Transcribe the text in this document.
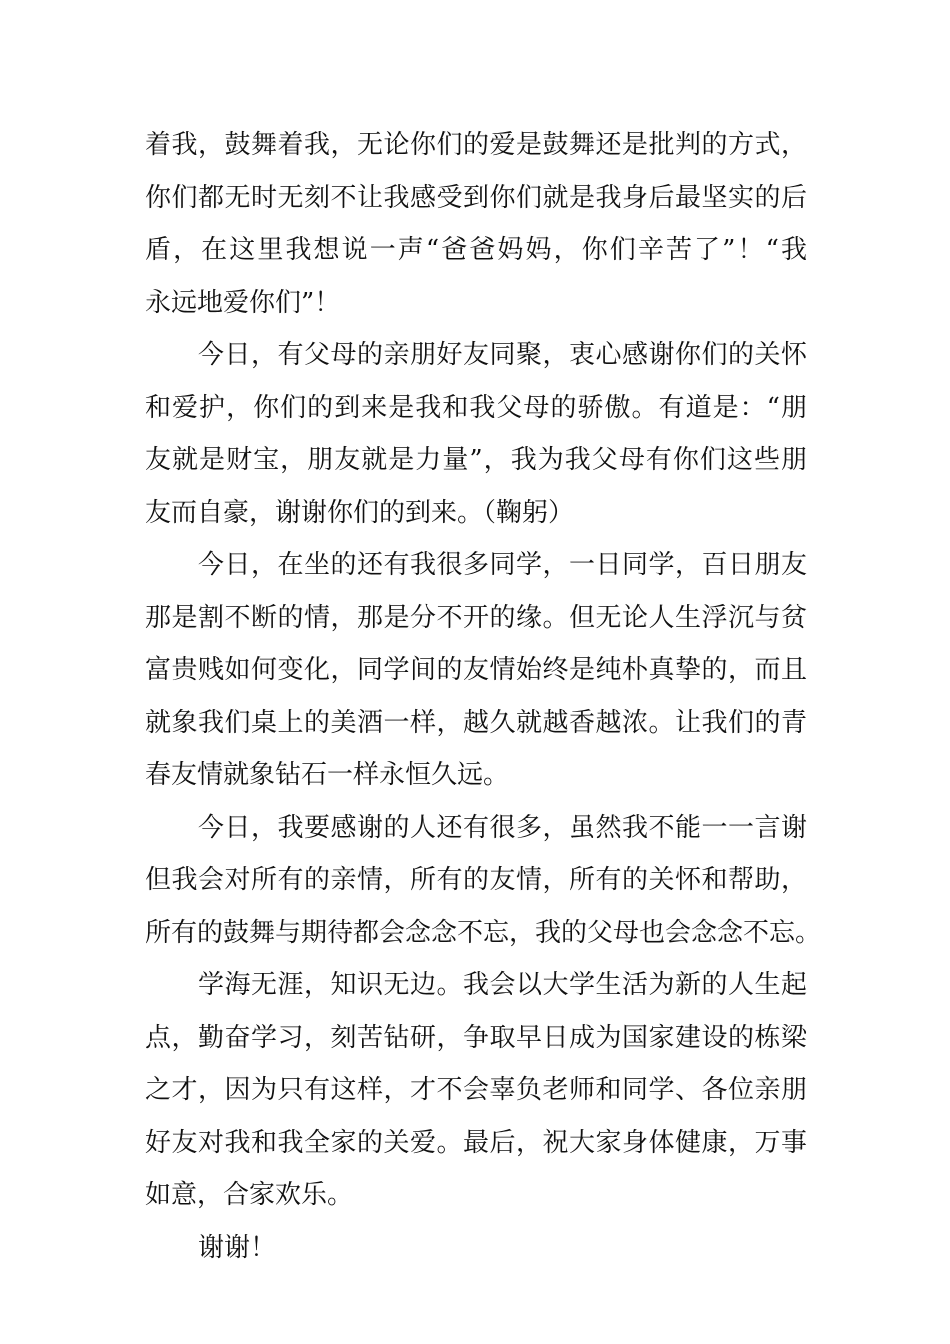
着我，鼓舞着我，无论你们的爱是鼓舞还是批判的方式，
你们都无时无刻不让我感受到你们就是我身后最坚实的后
盾，在这里我想说一声“爸爸妈妈，你们辛苦了”！“我
永远地爱你们”！
今日，有父母的亲朋好友同聚，衷心感谢你们的关怀
和爱护，你们的到来是我和我父母的骄傲。有道是：“朋
友就是财宝，朋友就是力量”，我为我父母有你们这些朋
友而自豪，谢谢你们的到来。（鞠躬）
今日，在坐的还有我很多同学，一日同学，百日朋友
那是割不断的情，那是分不开的缘。但无论人生浮沉与贫
富贵贱如何变化，同学间的友情始终是纯朴真挚的，而且
就象我们桌上的美酒一样，越久就越香越浓。让我们的青
春友情就象钻石一样永恒久远。
今日，我要感谢的人还有很多，虽然我不能一一言谢
但我会对所有的亲情，所有的友情，所有的关怀和帮助，
所有的鼓舞与期待都会念念不忘，我的父母也会念念不忘。
学海无涯，知识无边。我会以大学生活为新的人生起
点，勤奋学习，刻苦钻研，争取早日成为国家建设的栋梁
之才，因为只有这样，才不会辜负老师和同学、各位亲朋
好友对我和我全家的关爱。最后，祝大家身体健康，万事
如意，合家欢乐。
谢谢！
